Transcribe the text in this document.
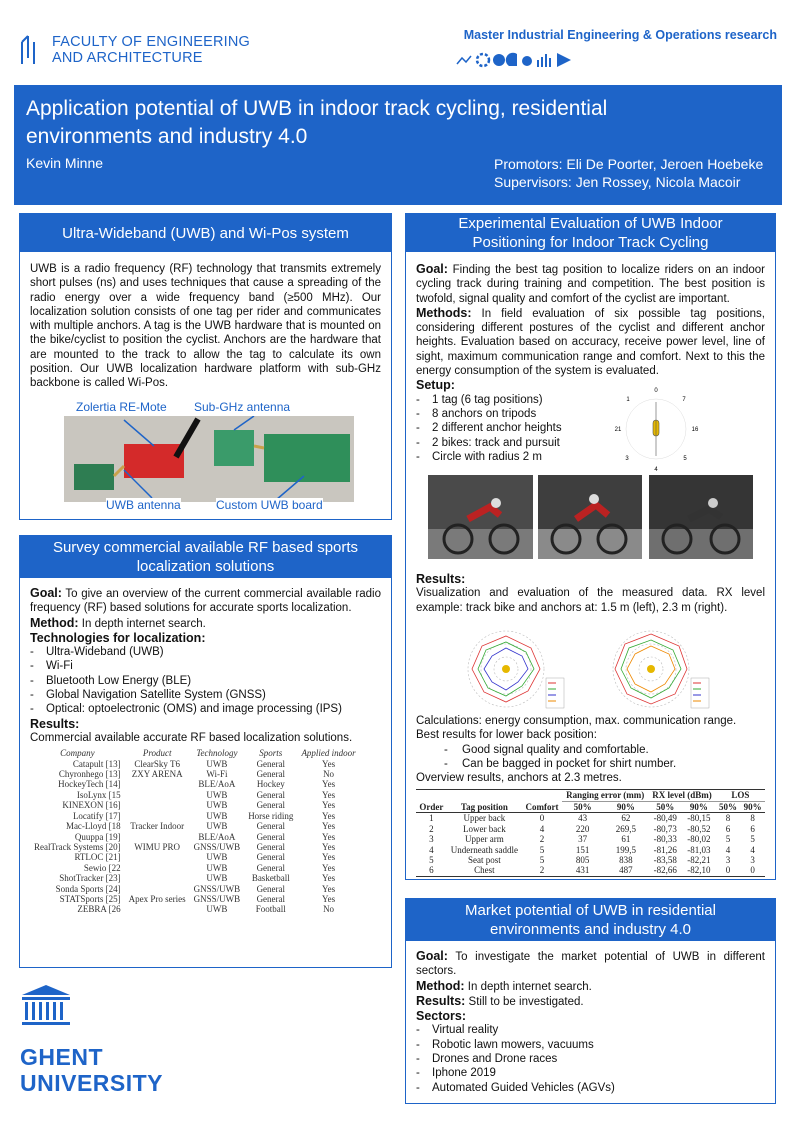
FACULTY OF ENGINEERING
AND ARCHITECTURE
Master Industrial Engineering & Operations research
Application potential of UWB in indoor track cycling, residential
environments and industry 4.0
Kevin Minne	Promotors: Eli De Poorter, Jeroen Hoebeke
Supervisors: Jen Rossey, Nicola Macoir
Ultra-Wideband (UWB) and Wi-Pos system
UWB is a radio frequency (RF) technology that transmits extremely short pulses (ns) and uses techniques that cause a spreading of the radio energy over a wide frequency band (≥500 MHz). Our localization solution consists of one tag per rider and communicates with multiple anchors. A tag is the UWB hardware that is mounted on the bike/cyclist to position the cyclist. Anchors are the hardware that are mounted to the track to allow the tag to calculate its own position. Our UWB localization hardware platform with sub-GHz backbone is called Wi-Pos.
Zolertia RE-Mote Sub-GHz antenna
UWB antenna	Custom UWB board
Survey commercial available RF based sports
localization solutions

Goal: To give an overview of the current commercial available radio frequency (RF) based solutions for accurate sports localization.

Method: In depth internet search.

Technologies for localization:

- Ultra-Wideband (UWB)
- Wi-Fi
- Bluetooth Low Energy (BLE)
- Global Navigation Satellite System (GNSS)
- Optical: optoelectronic (OMS) and image processing (IPS)

Results:

Commercial available accurate RF based localization solutions.

Company	Product	Technology	Sports	Applied indoor
Catapult [13]	ClearSky T6	UWB	General	Yes
Chyronhego [13]	ZXY ARENA	Wi-Fi	General	No
HockeyTech [14]		BLE/AoA	Hockey	Yes
IsoLynx [15		UWB	General	Yes
KINEXON [16]		UWB	General	Yes
Locatify [17]		UWB	Horse riding	Yes
Mac-Lloyd [18	Tracker Indoor	UWB	General	Yes
Quuppa [19]		BLE/AoA	General	Yes
RealTrack Systems [20]	WIMU PRO	GNSS/UWB	General	Yes
RTLOC [21]		UWB	General	Yes
Sewio [22		UWB	General	Yes
ShotTracker [23]		UWB	Basketball	Yes
Sonda Sports [24]		GNSS/UWB	General	Yes
STATSports [25]	Apex Pro series	GNSS/UWB	General	Yes
ZEBRA [26		UWB	Football	No
Experimental Evaluation of UWB Indoor
Positioning for Indoor Track Cycling

Goal: Finding the best tag position to localize riders on an indoor cycling track during training and competition. The best position is twofold, signal quality and comfort of the cyclist are important.

Methods: In field evaluation of six possible tag positions, considering different postures of the cyclist and different anchor heights. Evaluation based on accuracy, receive power level, line of sight, maximum communication range and comfort. Next to this the energy consumption of the system is evaluated.

Setup:

- 1 tag (6 tag positions)
- 8 anchors on tripods
- 2 different anchor heights
- 2 bikes: track and pursuit
- Circle with radius 2 m
0
7
16
5
4
3
21
1

Results:

Visualization and evaluation of the measured data. RX level example: track bike and anchors at: 1.5 m (left), 2.3 m (right).

Calculations: energy consumption, max. communication range.

Best results for lower back position:

- Good signal quality and comfortable.
- Can be bagged in pocket for shirt number.

Overview results, anchors at 2.3 metres.

			Ranging error (mm)		RX level (dBm)		LOS	
Order	Tag position	Comfort	50%	90%	50%	90%	50%	90%
1	Upper back	0	43	62	-80,49	-80,15	8	8
2	Lower back	4	220	269,5	-80,73	-80,52	6	6
3	Upper arm	2	37	61	-80,33	-80,02	5	5
4	Underneath saddle	5	151	199,5	-81,26	-81,03	4	4
5	Seat post	5	805	838	-83,58	-82,21	3	3
6	Chest	2	431	487	-82,66	-82,10	0	0
Market potential of UWB in residential
environments and industry 4.0

Goal: To investigate the market potential of UWB in different sectors.

Method: In depth internet search.

Results: Still to be investigated.

Sectors:

- Virtual reality
- Robotic lawn mowers, vacuums
- Drones and Drone races
- Iphone 2019
- Automated Guided Vehicles (AGVs)
GHENT
UNIVERSITY
